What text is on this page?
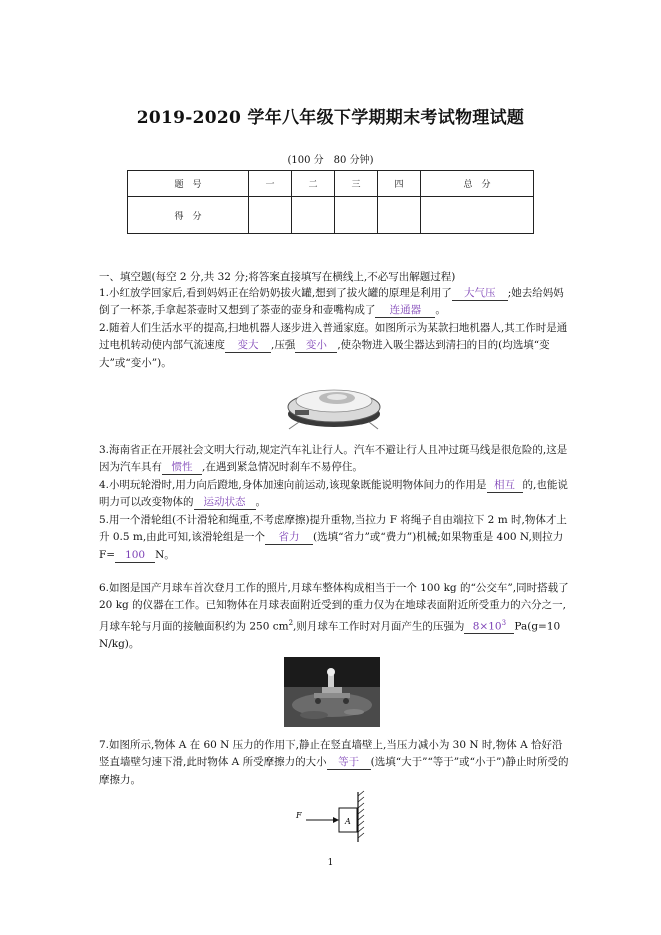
2019-2020 学年八年级下学期期末考试物理试题
(100 分　80 分钟)
题　号	一	二	三	四	总　分
得　分					
一、填空题(每空 2 分,共 32 分;将答案直接填写在横线上,不必写出解题过程)
1.小红放学回家后,看到妈妈正在给奶奶拔火罐,想到了拔火罐的原理是利用了 大气压 ;她去给妈妈倒了一杯茶,手拿起茶壶时又想到了茶壶的壶身和壶嘴构成了 连通器 。
2.随着人们生活水平的提高,扫地机器人逐步进入普通家庭。如图所示为某款扫地机器人,其工作时是通过电机转动使内部气流速度 变大 ,压强 变小 ,使杂物进入吸尘器达到清扫的目的(均选填“变大”或“变小”)。
3.海南省正在开展社会文明大行动,规定汽车礼让行人。汽车不避让行人且冲过斑马线是很危险的,这是因为汽车具有 惯性 ,在遇到紧急情况时刹车不易停住。
4.小明玩轮滑时,用力向后蹬地,身体加速向前运动,该现象既能说明物体间力的作用是 相互 的,也能说明力可以改变物体的 运动状态 。
5.用一个滑轮组(不计滑轮和绳重,不考虑摩擦)提升重物,当拉力 F 将绳子自由端拉下 2 m 时,物体才上升 0.5 m,由此可知,该滑轮组是一个 省力 (选填“省力”或“费力”)机械;如果物重是 400 N,则拉力 F= 100 N。
6.如图是国产月球车首次登月工作的照片,月球车整体构成相当于一个 100 kg 的“公交车”,同时搭载了 20 kg 的仪器在工作。已知物体在月球表面附近受到的重力仅为在地球表面附近所受重力的六分之一,月球车轮与月面的接触面积约为 250 $cm^2$,则月球车工作时对月面产生的压强为 $8\times 10^3$ Pa(g=10 N/kg)。
7.如图所示,物体 A 在 60 N 压力的作用下,静止在竖直墙壁上,当压力减小为 30 N 时,物体 A 恰好沿竖直墙壁匀速下滑,此时物体 A 所受摩擦力的大小 等于 (选填“大于”“等于”或“小于”)静止时所受的摩擦力。
F
A
1
